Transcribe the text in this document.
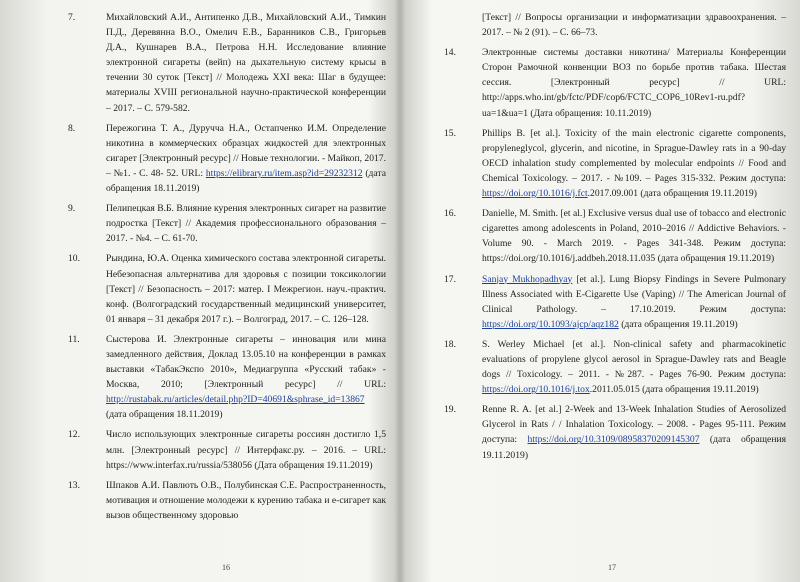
7.	Михайловский А.И., Антипенко Д.В., Михайловский А.И., Тимкин П.Д., Деревянна В.О., Омелич Е.В., Баранников С.В., Григорьев Д.А., Кушнарев В.А., Петрова Н.Н. Исследование влияние электронной сигареты (вейп) на дыхательную систему крысы в течении 30 суток [Текст] // Молодежь XXI века: Шаг в будущее: материалы XVIII региональной научно-практической конференции – 2017. – С. 579-582.
8.	Пережогина Т. А., Дуручча Н.А., Остапченко И.М. Определение никотина в коммерческих образцах жидкостей для электронных сигарет [Электронный ресурс] // Новые технологии. - Майкоп, 2017. – №1. - С. 48- 52. URL: https://elibrary.ru/item.asp?id=29232312 (дата обращения 18.11.2019)
9.	Пелипецкая В.Б. Влияние курения электронных сигарет на развитие подростка [Текст] // Академия профессионального образования – 2017. - №4. – С. 61-70.
10.	Рындина, Ю.А. Оценка химического состава электронной сигареты. Небезопасная альтернатива для здоровья с позиции токсикологии [Текст] // Безопасность – 2017: матер. I Межрегион. науч.-практич. конф. (Волгоградский государственный медицинский университет, 01 января – 31 декабря 2017 г.). – Волгоград, 2017. – С. 126–128.
11.	Сыстерова И. Электронные сигареты – инновация или мина замедленного действия, Доклад 13.05.10 на конференции в рамках выставки «ТабакЭкспо 2010», Медиагруппа «Русский табак» - Москва, 2010; [Электронный ресурс] // URL: http://rustabak.ru/articles/detail.php?ID=40691&sphrase_id=13867 (дата обращения 18.11.2019)
12.	Число использующих электронные сигареты россиян достигло 1,5 млн. [Электронный ресурс] // Интерфакс.ру. – 2016. – URL: https://www.interfax.ru/russia/538056 (Дата обращения 19.11.2019)
13.	Шпаков А.И. Павлють О.В., Полубинская С.Е. Распространенность, мотивация и отношение молодежи к курению табака и е-сигарет как вызов общественному здоровью
16
[Текст] // Вопросы организации и информатизации здравоохранения. – 2017. – № 2 (91). – С. 66–73.
14.	Электронные системы доставки никотина/ Материалы Конференции Сторон Рамочной конвенции ВОЗ по борьбе против табака. Шестая сессия. [Электронный ресурс] // URL: http://apps.who.int/gb/fctc/PDF/cop6/FCTC_COP6_10Rev1-ru.pdf?ua=1&ua=1 (Дата обращения: 10.11.2019)
15.	Phillips B. [et al.]. Toxicity of the main electronic cigarette components, propyleneglycol, glycerin, and nicotine, in Sprague-Dawley rats in a 90-day OECD inhalation study complemented by molecular endpoints // Food and Chemical Toxicology. – 2017. - №109. – Pages 315-332. Режим доступа: https://doi.org/10.1016/j.fct.2017.09.001 (дата обращения 19.11.2019)
16.	Danielle, M. Smith. [et al.] Exclusive versus dual use of tobacco and electronic cigarettes among adolescents in Poland, 2010–2016 // Addictive Behaviors. - Volume 90. - March 2019. - Pages 341-348. Режим доступа: https://doi.org/10.1016/j.addbeh.2018.11.035 (дата обращения 19.11.2019)
17.	Sanjay Mukhopadhyay [et al.]. Lung Biopsy Findings in Severe Pulmonary Illness Associated with E-Cigarette Use (Vaping) // The American Journal of Clinical Pathology. – 17.10.2019. Режим доступа: https://doi.org/10.1093/ajcp/aqz182 (дата обращения 19.11.2019)
18.	S. Werley Michael [et al.]. Non-clinical safety and pharmacokinetic evaluations of propylene glycol aerosol in Sprague-Dawley rats and Beagle dogs // Toxicology. – 2011. - №287. - Pages 76-90. Режим доступа: https://doi.org/10.1016/j.tox.2011.05.015 (дата обращения 19.11.2019)
19.	Renne R. A. [et al.] 2-Week and 13-Week Inhalation Studies of Aerosolized Glycerol in Rats / / Inhalation Toxicology. – 2008. - Pages 95-111. Режим доступа: https://doi.org/10.3109/08958370209145307 (дата обращения 19.11.2019)
17
